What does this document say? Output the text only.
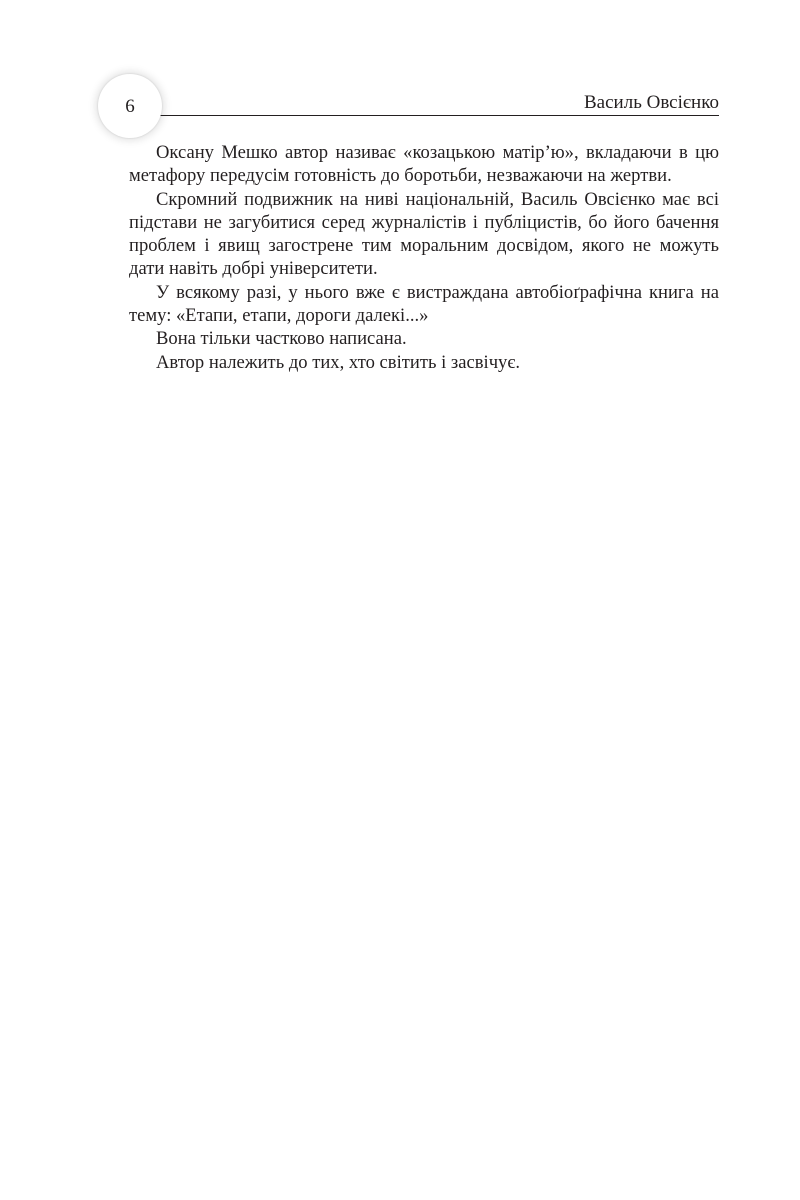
6	Василь Овсієнко

Оксану Мешко автор називає «козацькою матір’ю», вкладаючи в цю метафору передусім готовність до боротьби, незважаючи на жертви.

Скромний подвижник на ниві національній, Василь Овсієнко має всі підстави не загубитися серед журналістів і публіцистів, бо його бачення проблем і явищ загострене тим моральним досвідом, якого не можуть дати навіть добрі університети.

У всякому разі, у нього вже є вистраждана автобіоґрафічна книга на тему: «Етапи, етапи, дороги далекі...»

Вона тільки частково написана.

Автор належить до тих, хто світить і засвічує.
